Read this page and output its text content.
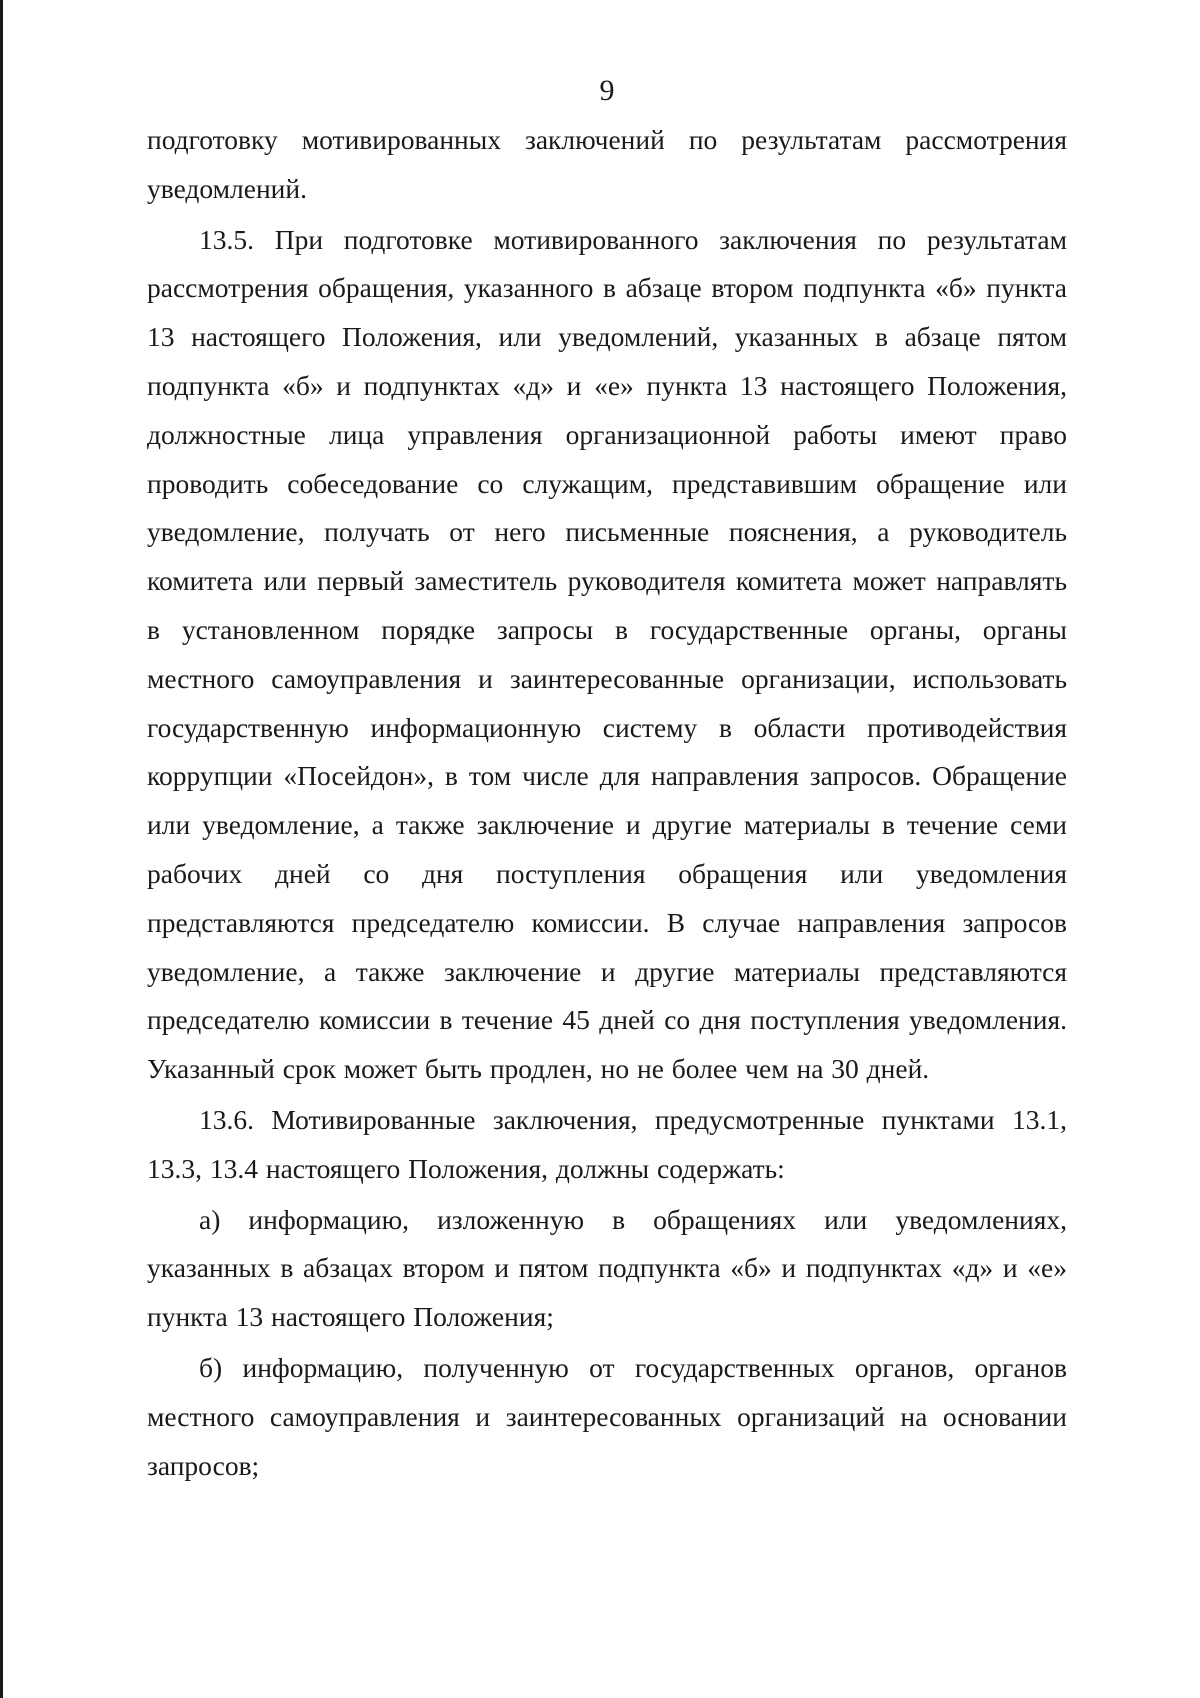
9

подготовку мотивированных заключений по результатам рассмотрения уведомлений.

13.5. При подготовке мотивированного заключения по результатам рассмотрения обращения, указанного в абзаце втором подпункта «б» пункта 13 настоящего Положения, или уведомлений, указанных в абзаце пятом подпункта «б» и подпунктах «д» и «е» пункта 13 настоящего Положения, должностные лица управления организационной работы имеют право проводить собеседование со служащим, представившим обращение или уведомление, получать от него письменные пояснения, а руководитель комитета или первый заместитель руководителя комитета может направлять в установленном порядке запросы в государственные органы, органы местного самоуправления и заинтересованные организации, использовать государственную информационную систему в области противодействия коррупции «Посейдон», в том числе для направления запросов. Обращение или уведомление, а также заключение и другие материалы в течение семи рабочих дней со дня поступления обращения или уведомления представляются председателю комиссии. В случае направления запросов уведомление, а также заключение и другие материалы представляются председателю комиссии в течение 45 дней со дня поступления уведомления. Указанный срок может быть продлен, но не более чем на 30 дней.

13.6. Мотивированные заключения, предусмотренные пунктами 13.1, 13.3, 13.4 настоящего Положения, должны содержать:

а) информацию, изложенную в обращениях или уведомлениях, указанных в абзацах втором и пятом подпункта «б» и подпунктах «д» и «е» пункта 13 настоящего Положения;

б) информацию, полученную от государственных органов, органов местного самоуправления и заинтересованных организаций на основании запросов;
